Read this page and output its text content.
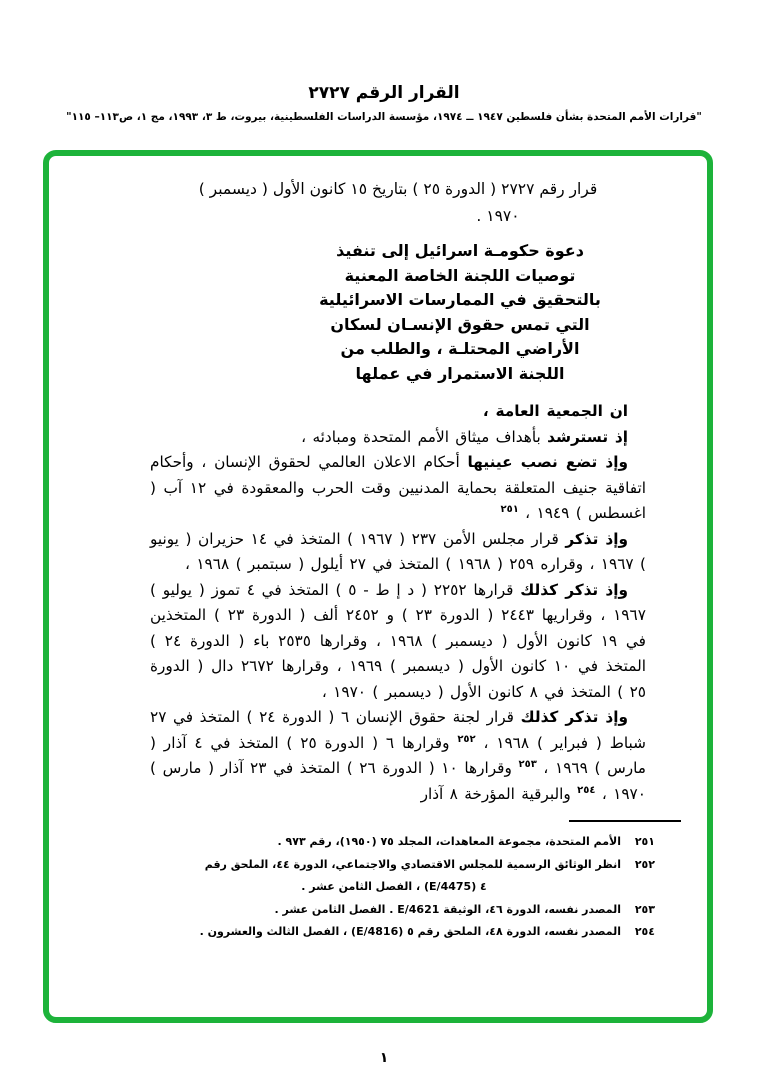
القرار الرقم ٢٧٢٧
"قرارات الأمم المتحدة بشأن فلسطين ١٩٤٧ ــ ١٩٧٤، مؤسسة الدراسات الفلسطينية، بيروت، ط ٣، ١٩٩٣، مج ١، ص١١٣– ١١٥"
قرار رقم ٢٧٢٧ ( الدورة ٢٥ ) بتاريخ ١٥ كانون الأول ( ديسمبر )
١٩٧٠ .
دعوة حكومـة اسرائيل إلى تنفيذ
توصيات اللجنة الخاصة المعنية
بالتحقيق في الممارسات الاسرائيلية
التي تمس حقوق الإنسـان لسكان
الأراضي المحتلـة ، والطلب من
اللجنة الاستمرار في عملها

ان الجمعية العامة ،

إذ تسترشد بأهداف ميثاق الأمم المتحدة ومبادئه ،

وإذ تضع نصب عينيها أحكام الاعلان العالمي لحقوق الإنسان ، وأحكام اتفاقية جنيف المتعلقة بحماية المدنيين وقت الحرب والمعقودة في ١٢ آب ( اغسطس ) ١٩٤٩ ، $^{٢٥١}$

وإذ تذكر قرار مجلس الأمن ٢٣٧ ( ١٩٦٧ ) المتخذ في ١٤ حزيران ( يونيو ) ١٩٦٧ ، وقراره ٢٥٩ ( ١٩٦٨ ) المتخذ في ٢٧ أيلول ( سبتمبر ) ١٩٦٨ ،

وإذ تذكر كذلك قرارها ٢٢٥٢ ( د إ ط - ٥ ) المتخذ في ٤ تموز ( يوليو ) ١٩٦٧ ، وقراريها ٢٤٤٣ ( الدورة ٢٣ ) و ٢٤٥٢ ألف ( الدورة ٢٣ ) المتخذين في ١٩ كانون الأول ( ديسمبر ) ١٩٦٨ ، وقرارها ٢٥٣٥ باء ( الدورة ٢٤ ) المتخذ في ١٠ كانون الأول ( ديسمبر ) ١٩٦٩ ، وقرارها ٢٦٧٢ دال ( الدورة ٢٥ ) المتخذ في ٨ كانون الأول ( ديسمبر ) ١٩٧٠ ،

وإذ تذكر كذلك قرار لجنة حقوق الإنسان ٦ ( الدورة ٢٤ ) المتخذ في ٢٧ شباط ( فبراير ) ١٩٦٨ ، $^{٢٥٢}$ وقرارها ٦ ( الدورة ٢٥ ) المتخذ في ٤ آذار ( مارس ) ١٩٦٩ ، $^{٢٥٣}$ وقرارها ١٠ ( الدورة ٢٦ ) المتخذ في ٢٣ آذار ( مارس ) ١٩٧٠ ، $^{٢٥٤}$ والبرقية المؤرخة ٨ آذار

٢٥١
الأمم المتحدة، مجموعة المعاهدات، المجلد ٧٥ (١٩٥٠)، رقم ٩٧٣ .
٢٥٢
انظر الوثائق الرسمية للمجلس الاقتصادي والاجتماعي، الدورة ٤٤، الملحق رقم
٤ (E/4475) ، الفصل الثامن عشر .
٢٥٣
المصدر نفسه، الدورة ٤٦، الوثيقة E/4621 . الفصل الثامن عشر .
٢٥٤
المصدر نفسه، الدورة ٤٨، الملحق رقم ٥ (E/4816) ، الفصل الثالث والعشرون .
١
